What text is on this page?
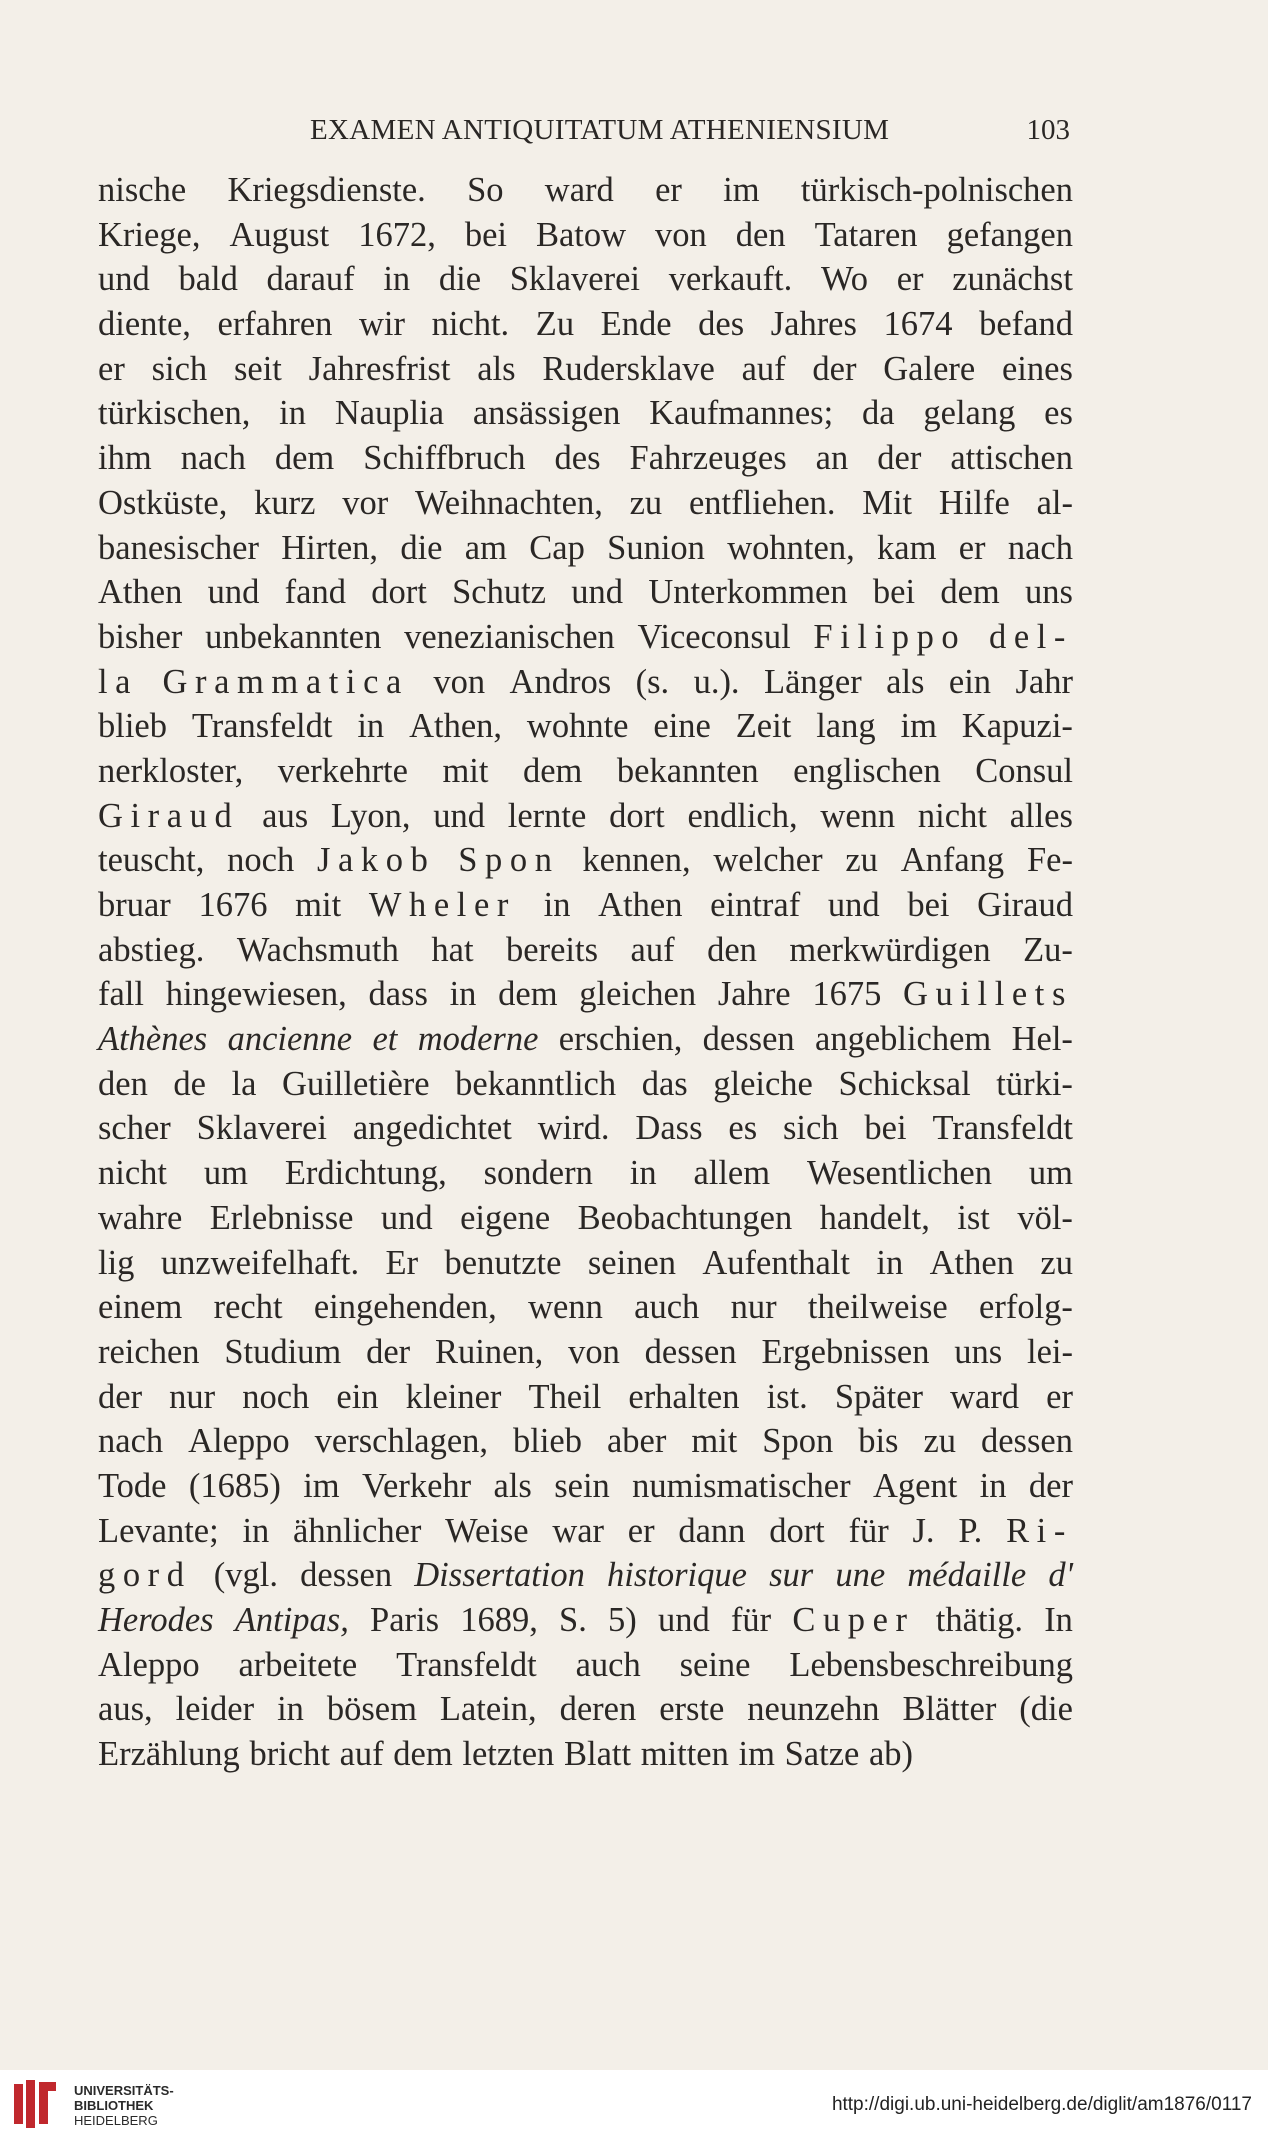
EXAMEN ANTIQUITATUM ATHENIENSIUM	103
nische Kriegsdienste. So ward er im türkisch-polnischen
Kriege, August 1672, bei Batow von den Tataren gefangen
und bald darauf in die Sklaverei verkauft. Wo er zunächst
diente, erfahren wir nicht. Zu Ende des Jahres 1674 befand
er sich seit Jahresfrist als Rudersklave auf der Galere eines
türkischen, in Nauplia ansässigen Kaufmannes; da gelang es
ihm nach dem Schiffbruch des Fahrzeuges an der attischen
Ostküste, kurz vor Weihnachten, zu entfliehen. Mit Hilfe al-
banesischer Hirten, die am Cap Sunion wohnten, kam er nach
Athen und fand dort Schutz und Unterkommen bei dem uns
bisher unbekannten venezianischen Viceconsul Filippo del-
la Grammatica von Andros (s. u.). Länger als ein Jahr
blieb Transfeldt in Athen, wohnte eine Zeit lang im Kapuzi-
nerkloster, verkehrte mit dem bekannten englischen Consul
Giraud aus Lyon, und lernte dort endlich, wenn nicht alles
teuscht, noch Jakob Spon kennen, welcher zu Anfang Fe-
bruar 1676 mit Wheler in Athen eintraf und bei Giraud
abstieg. Wachsmuth hat bereits auf den merkwürdigen Zu-
fall hingewiesen, dass in dem gleichen Jahre 1675 Guillets
Athènes ancienne et moderne erschien, dessen angeblichem Hel-
den de la Guilletière bekanntlich das gleiche Schicksal türki-
scher Sklaverei angedichtet wird. Dass es sich bei Transfeldt
nicht um Erdichtung, sondern in allem Wesentlichen um
wahre Erlebnisse und eigene Beobachtungen handelt, ist völ-
lig unzweifelhaft. Er benutzte seinen Aufenthalt in Athen zu
einem recht eingehenden, wenn auch nur theilweise erfolg-
reichen Studium der Ruinen, von dessen Ergebnissen uns lei-
der nur noch ein kleiner Theil erhalten ist. Später ward er
nach Aleppo verschlagen, blieb aber mit Spon bis zu dessen
Tode (1685) im Verkehr als sein numismatischer Agent in der
Levante; in ähnlicher Weise war er dann dort für J. P. Ri-
gord (vgl. dessen Dissertation historique sur une médaille d'
Herodes Antipas, Paris 1689, S. 5) und für Cuper thätig. In
Aleppo arbeitete Transfeldt auch seine Lebensbeschreibung
aus, leider in bösem Latein, deren erste neunzehn Blätter (die
Erzählung bricht auf dem letzten Blatt mitten im Satze ab)
UNIVERSITÄTS-
BIBLIOTHEK
HEIDELBERG
http://digi.ub.uni-heidelberg.de/diglit/am1876/0117
